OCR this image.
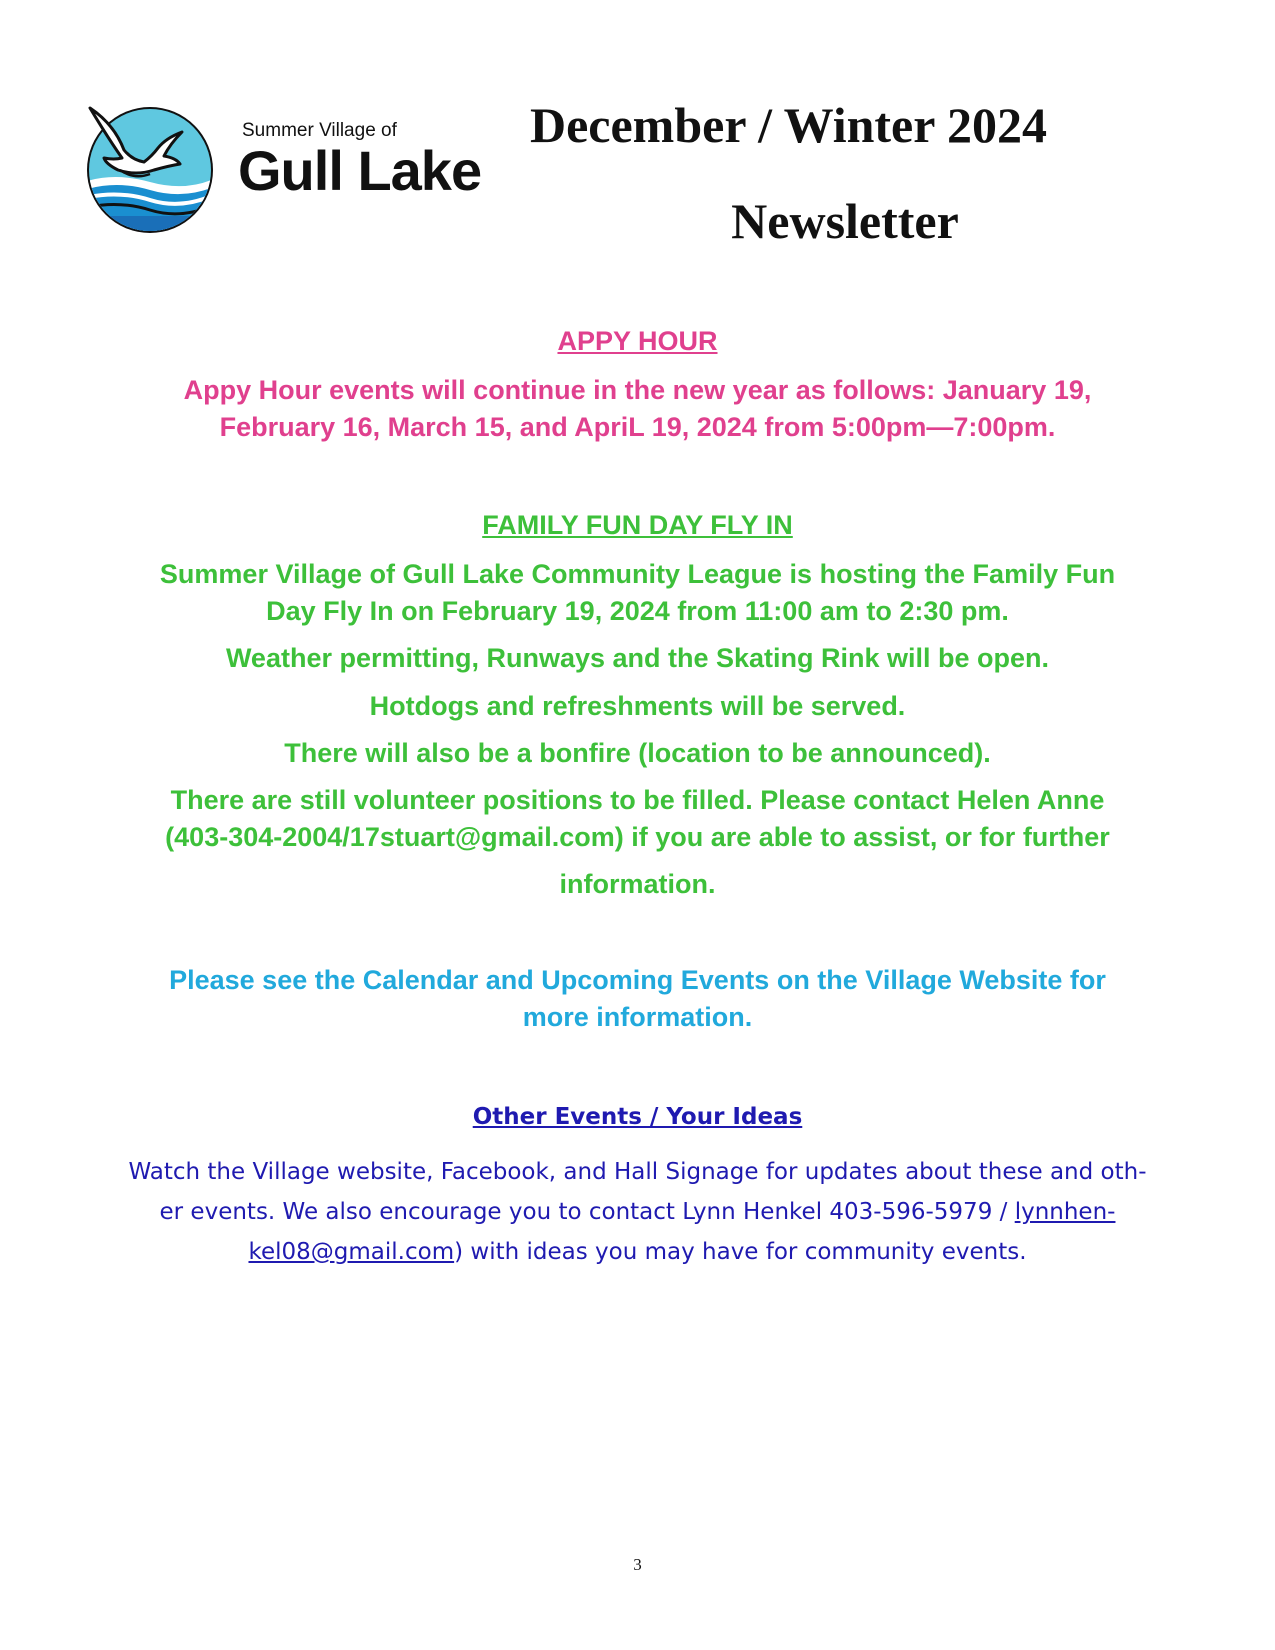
Summer Village of
Gull Lake
December / Winter 2024
Newsletter
APPY HOUR
Appy Hour events will continue in the new year as follows: January 19,
February 16, March 15, and ApriL 19, 2024 from 5:00pm—7:00pm.
FAMILY FUN DAY FLY IN
Summer Village of Gull Lake Community League is hosting the Family Fun
Day Fly In on February 19, 2024 from 11:00 am to 2:30 pm.
Weather permitting, Runways and the Skating Rink will be open.
Hotdogs and refreshments will be served.
There will also be a bonfire (location to be announced).
There are still volunteer positions to be filled. Please contact Helen Anne
(403-304-2004/17stuart@gmail.com) if you are able to assist, or for further
information.
Please see the Calendar and Upcoming Events on the Village Website for
more information.
Other Events / Your Ideas
Watch the Village website, Facebook, and Hall Signage for updates about these and oth-
er events. We also encourage you to contact Lynn Henkel 403-596-5979 / lynnhen-
kel08@gmail.com) with ideas you may have for community events.
3
